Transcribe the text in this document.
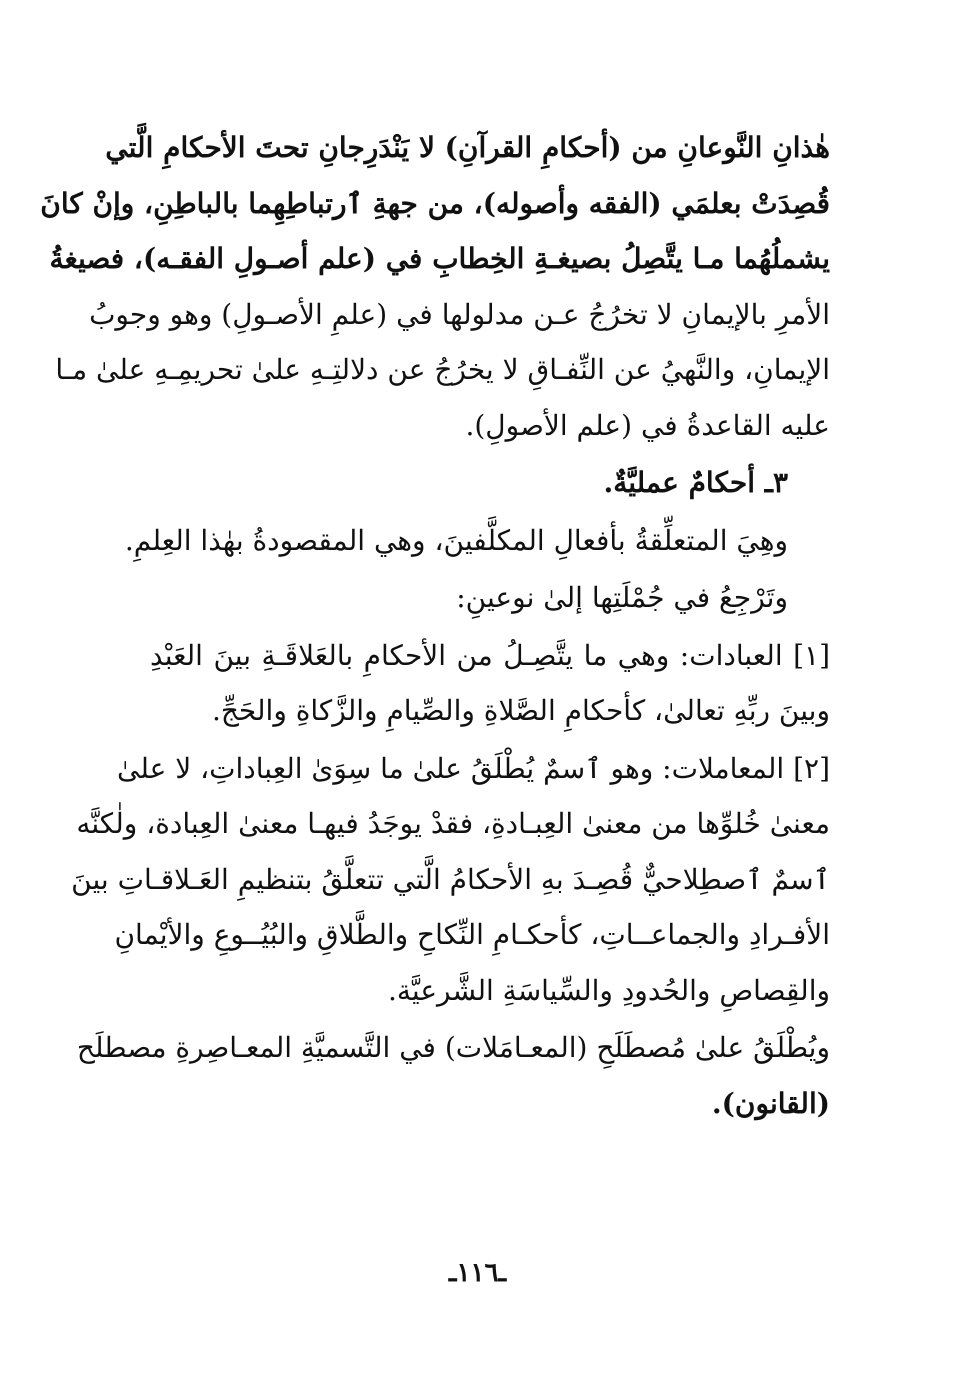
هٰذانِ النَّوعانِ من (أحكامِ القرآنِ) لا يَنْدَرِجانِ تحتَ الأحكامِ الَّتي
قُصِدَتْ بعلمَي (الفقه وأصوله)، من جهةِ ٱرتباطِهِما بالباطِنِ، وإنْ كانَ
يشملُهُما مـا يتَّصِلُ بصيغـةِ الخِطابِ في (علم أصـولِ الفقـه)، فصيغةُ
الأمرِ بالإيمانِ لا تخرُجُ عـن مدلولها في (علمِ الأصـولِ) وهو وجوبُ
الإيمانِ، والنَّهيُ عن النِّفـاقِ لا يخرُجُ عن دلالتِـهِ علىٰ تحريمِـهِ علىٰ مـا
عليه القاعدةُ في (علم الأصولِ).
٣ـ أحكامٌ عمليَّةٌ.
وهِيَ المتعلِّقةُ بأفعالِ المكلَّفينَ، وهي المقصودةُ بهٰذا العِلمِ.
وتَرْجِعُ في جُمْلَتِها إلىٰ نوعينِ:
[١] العبادات: وهي ما يتَّصِـلُ من الأحكامِ بالعَلاقَـةِ بينَ العَبْدِ
وبينَ ربِّهِ تعالىٰ، كأحكامِ الصَّلاةِ والصِّيامِ والزَّكاةِ والحَجِّ.
[٢] المعاملات: وهو ٱسمٌ يُطْلَقُ علىٰ ما سِوَىٰ العِباداتِ، لا علىٰ
معنىٰ خُلوِّها من معنىٰ العِبـادةِ، فقدْ يوجَدُ فيهـا معنىٰ العِبادة، ولٰكنَّه
ٱسمٌ ٱصطِلاحيٌّ قُصِـدَ بهِ الأحكامُ الَّتي تتعلَّقُ بتنظيمِ العَـلاقـاتِ بينَ
الأفـرادِ والجماعــاتِ، كأحكـامِ النِّكاحِ والطَّلاقِ والبُيُــوعِ والأيْمانِ
والقِصاصِ والحُدودِ والسِّياسَةِ الشَّرعيَّة.
ويُطْلَقُ علىٰ مُصطَلَحِ (المعـامَلات) في التَّسميَّةِ المعـاصِرةِ مصطلَح
(القانون).
ـ١١٦ـ
